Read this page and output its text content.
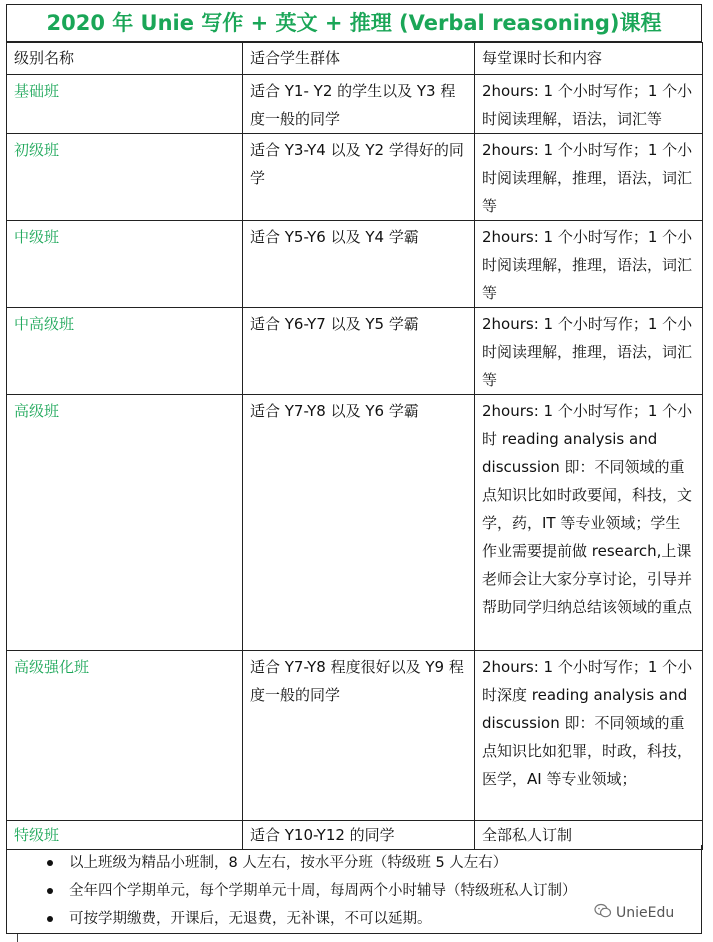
2020 年 Unie 写作 + 英文 + 推理 (Verbal reasoning)课程
级别名称	适合学生群体	每堂课时长和内容
基础班	适合 Y1- Y2 的学生以及 Y3 程度一般的同学	2hours: 1 个小时写作；1 个小时阅读理解，语法，词汇等
初级班	适合 Y3-Y4 以及 Y2 学得好的同学	2hours: 1 个小时写作；1 个小时阅读理解，推理，语法，词汇等
中级班	适合 Y5-Y6 以及 Y4 学霸	2hours: 1 个小时写作；1 个小时阅读理解，推理，语法，词汇等
中高级班	适合 Y6-Y7 以及 Y5 学霸	2hours: 1 个小时写作；1 个小时阅读理解，推理，语法，词汇等
高级班	适合 Y7-Y8 以及 Y6 学霸	2hours: 1 个小时写作；1 个小时 reading analysis and discussion 即：不同领域的重点知识比如时政要闻，科技，文学，药，IT 等专业领域；学生作业需要提前做 research,上课老师会让大家分享讨论，引导并帮助同学归纳总结该领域的重点
高级强化班	适合 Y7-Y8 程度很好以及 Y9 程度一般的同学	2hours: 1 个小时写作；1 个小时深度 reading analysis and discussion 即：不同领域的重点知识比如犯罪，时政，科技，医学，AI 等专业领域；
特级班	适合 Y10-Y12 的同学	全部私人订制
以上班级为精品小班制，8 人左右，按水平分班（特级班 5 人左右）
全年四个学期单元，每个学期单元十周，每周两个小时辅导（特级班私人订制）
可按学期缴费，开课后，无退费，无补课，不可以延期。	UnieEdu
